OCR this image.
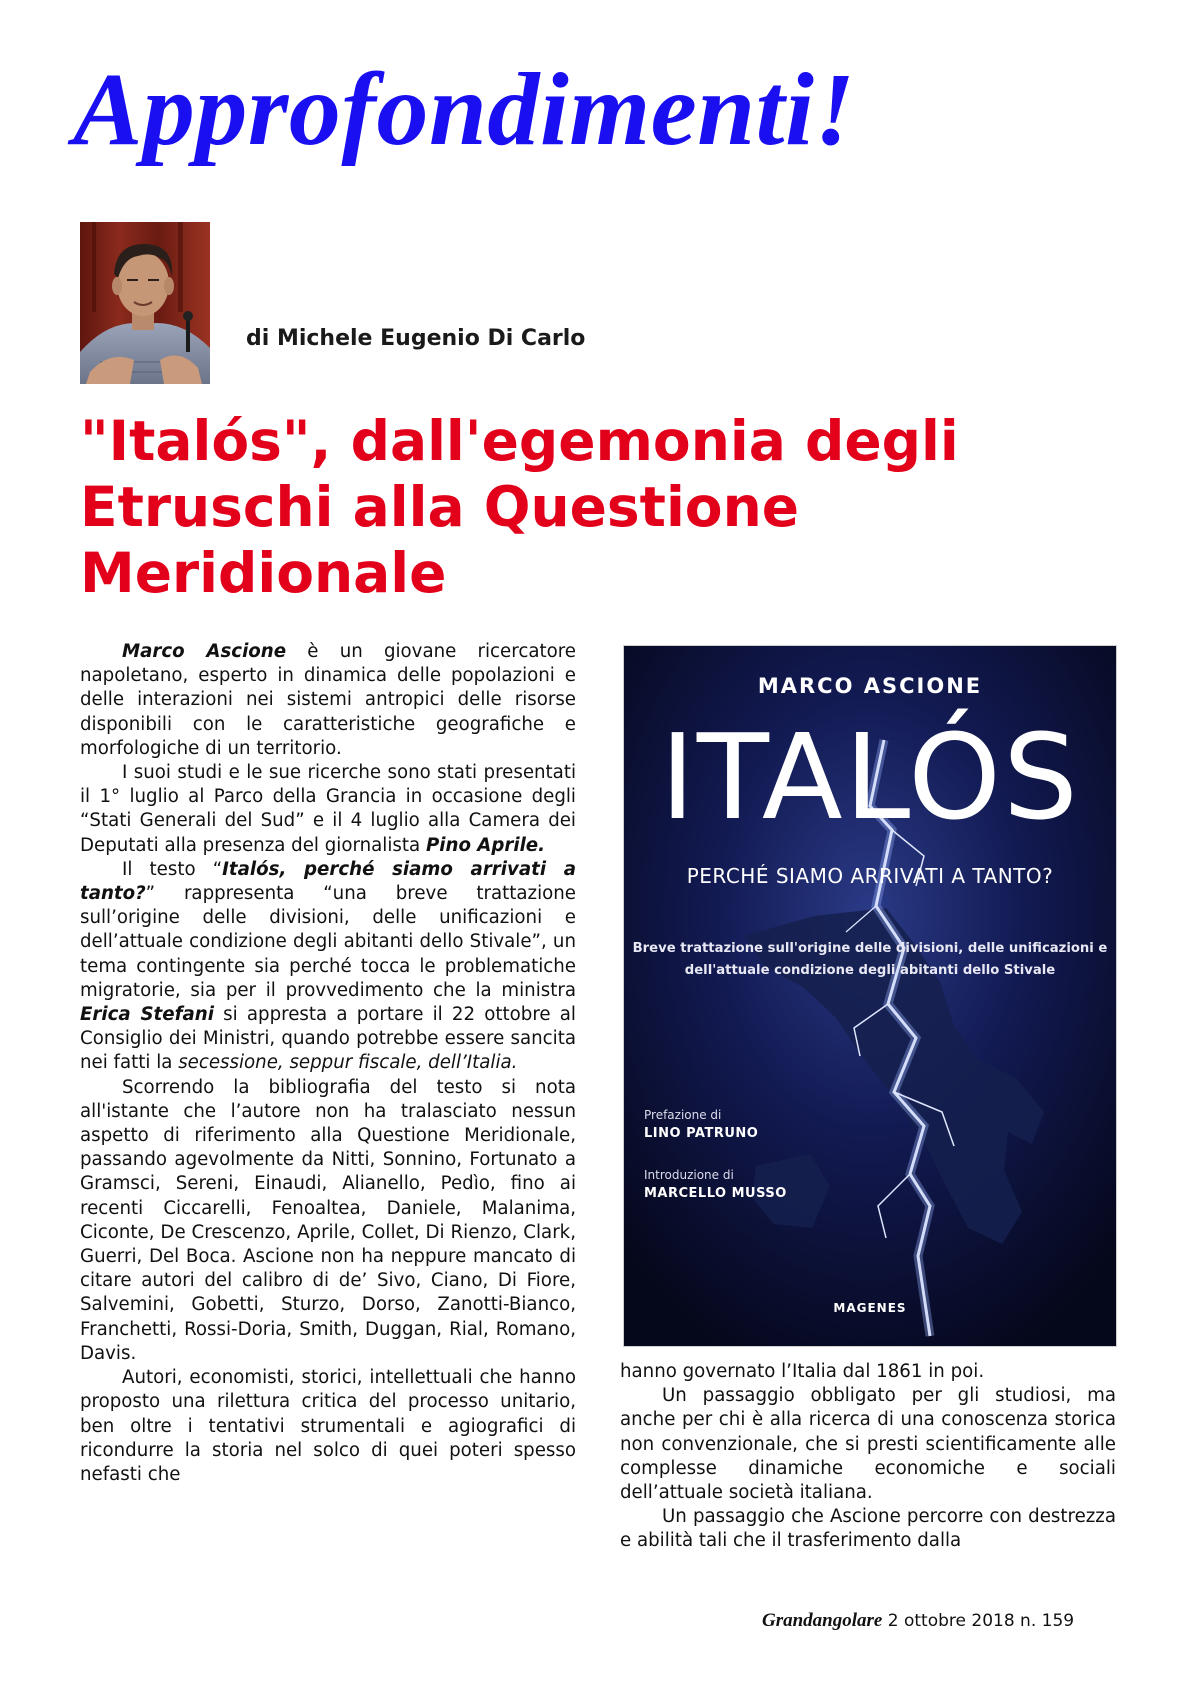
Approfondimenti!
di Michele Eugenio Di Carlo
"Italós", dall'egemonia degli Etruschi alla Questione Meridionale

Marco Ascione è un giovane ricercatore napoletano, esperto in dinamica delle popolazioni e delle interazioni nei sistemi antropici delle risorse disponibili con le caratteristiche geografiche e morfologiche di un territorio.

I suoi studi e le sue ricerche sono stati presentati il 1° luglio al Parco della Grancia in occasione degli “Stati Generali del Sud” e il 4 luglio alla Camera dei Deputati alla presenza del giornalista Pino Aprile.

Il testo “Italós, perché siamo arrivati a tanto?” rappresenta “una breve trattazione sull’origine delle divisioni, delle unificazioni e dell’attuale condizione degli abitanti dello Stivale”, un tema contingente sia perché tocca le problematiche migratorie, sia per il provvedimento che la ministra Erica Stefani si appresta a portare il 22 ottobre al Consiglio dei Ministri, quando potrebbe essere sancita nei fatti la secessione, seppur fiscale, dell’Italia.

Scorrendo la bibliografia del testo si nota all'istante che l’autore non ha tralasciato nessun aspetto di riferimento alla Questione Meridionale, passando agevolmente da Nitti, Sonnino, Fortunato a Gramsci, Sereni, Einaudi, Alianello, Pedìo, fino ai recenti Ciccarelli, Fenoaltea, Daniele, Malanima, Ciconte, De Crescenzo, Aprile, Collet, Di Rienzo, Clark, Guerri, Del Boca. Ascione non ha neppure mancato di citare autori del calibro di de’ Sivo, Ciano, Di Fiore, Salvemini, Gobetti, Sturzo, Dorso, Zanotti-Bianco, Franchetti, Rossi-Doria, Smith, Duggan, Rial, Romano, Davis.

Autori, economisti, storici, intellettuali che hanno proposto una rilettura critica del processo unitario, ben oltre i tentativi strumentali e agiografici di ricondurre la storia nel solco di quei poteri spesso nefasti che

MARCO ASCIONE
ITALÓS
PERCHÉ SIAMO ARRIVATI A TANTO?
Breve trattazione sull'origine delle divisioni, delle unificazioni e dell'attuale condizione degli abitanti dello Stivale
Prefazione di
LINO PATRUNO
Introduzione di
MARCELLO MUSSO
MAGENES

hanno governato l’Italia dal 1861 in poi.

Un passaggio obbligato per gli studiosi, ma anche per chi è alla ricerca di una conoscenza storica non convenzionale, che si presti scientificamente alle complesse dinamiche economiche e sociali dell’attuale società italiana.

Un passaggio che Ascione percorre con destrezza e abilità tali che il trasferimento dalla

Grandangolare 2 ottobre 2018 n. 159
